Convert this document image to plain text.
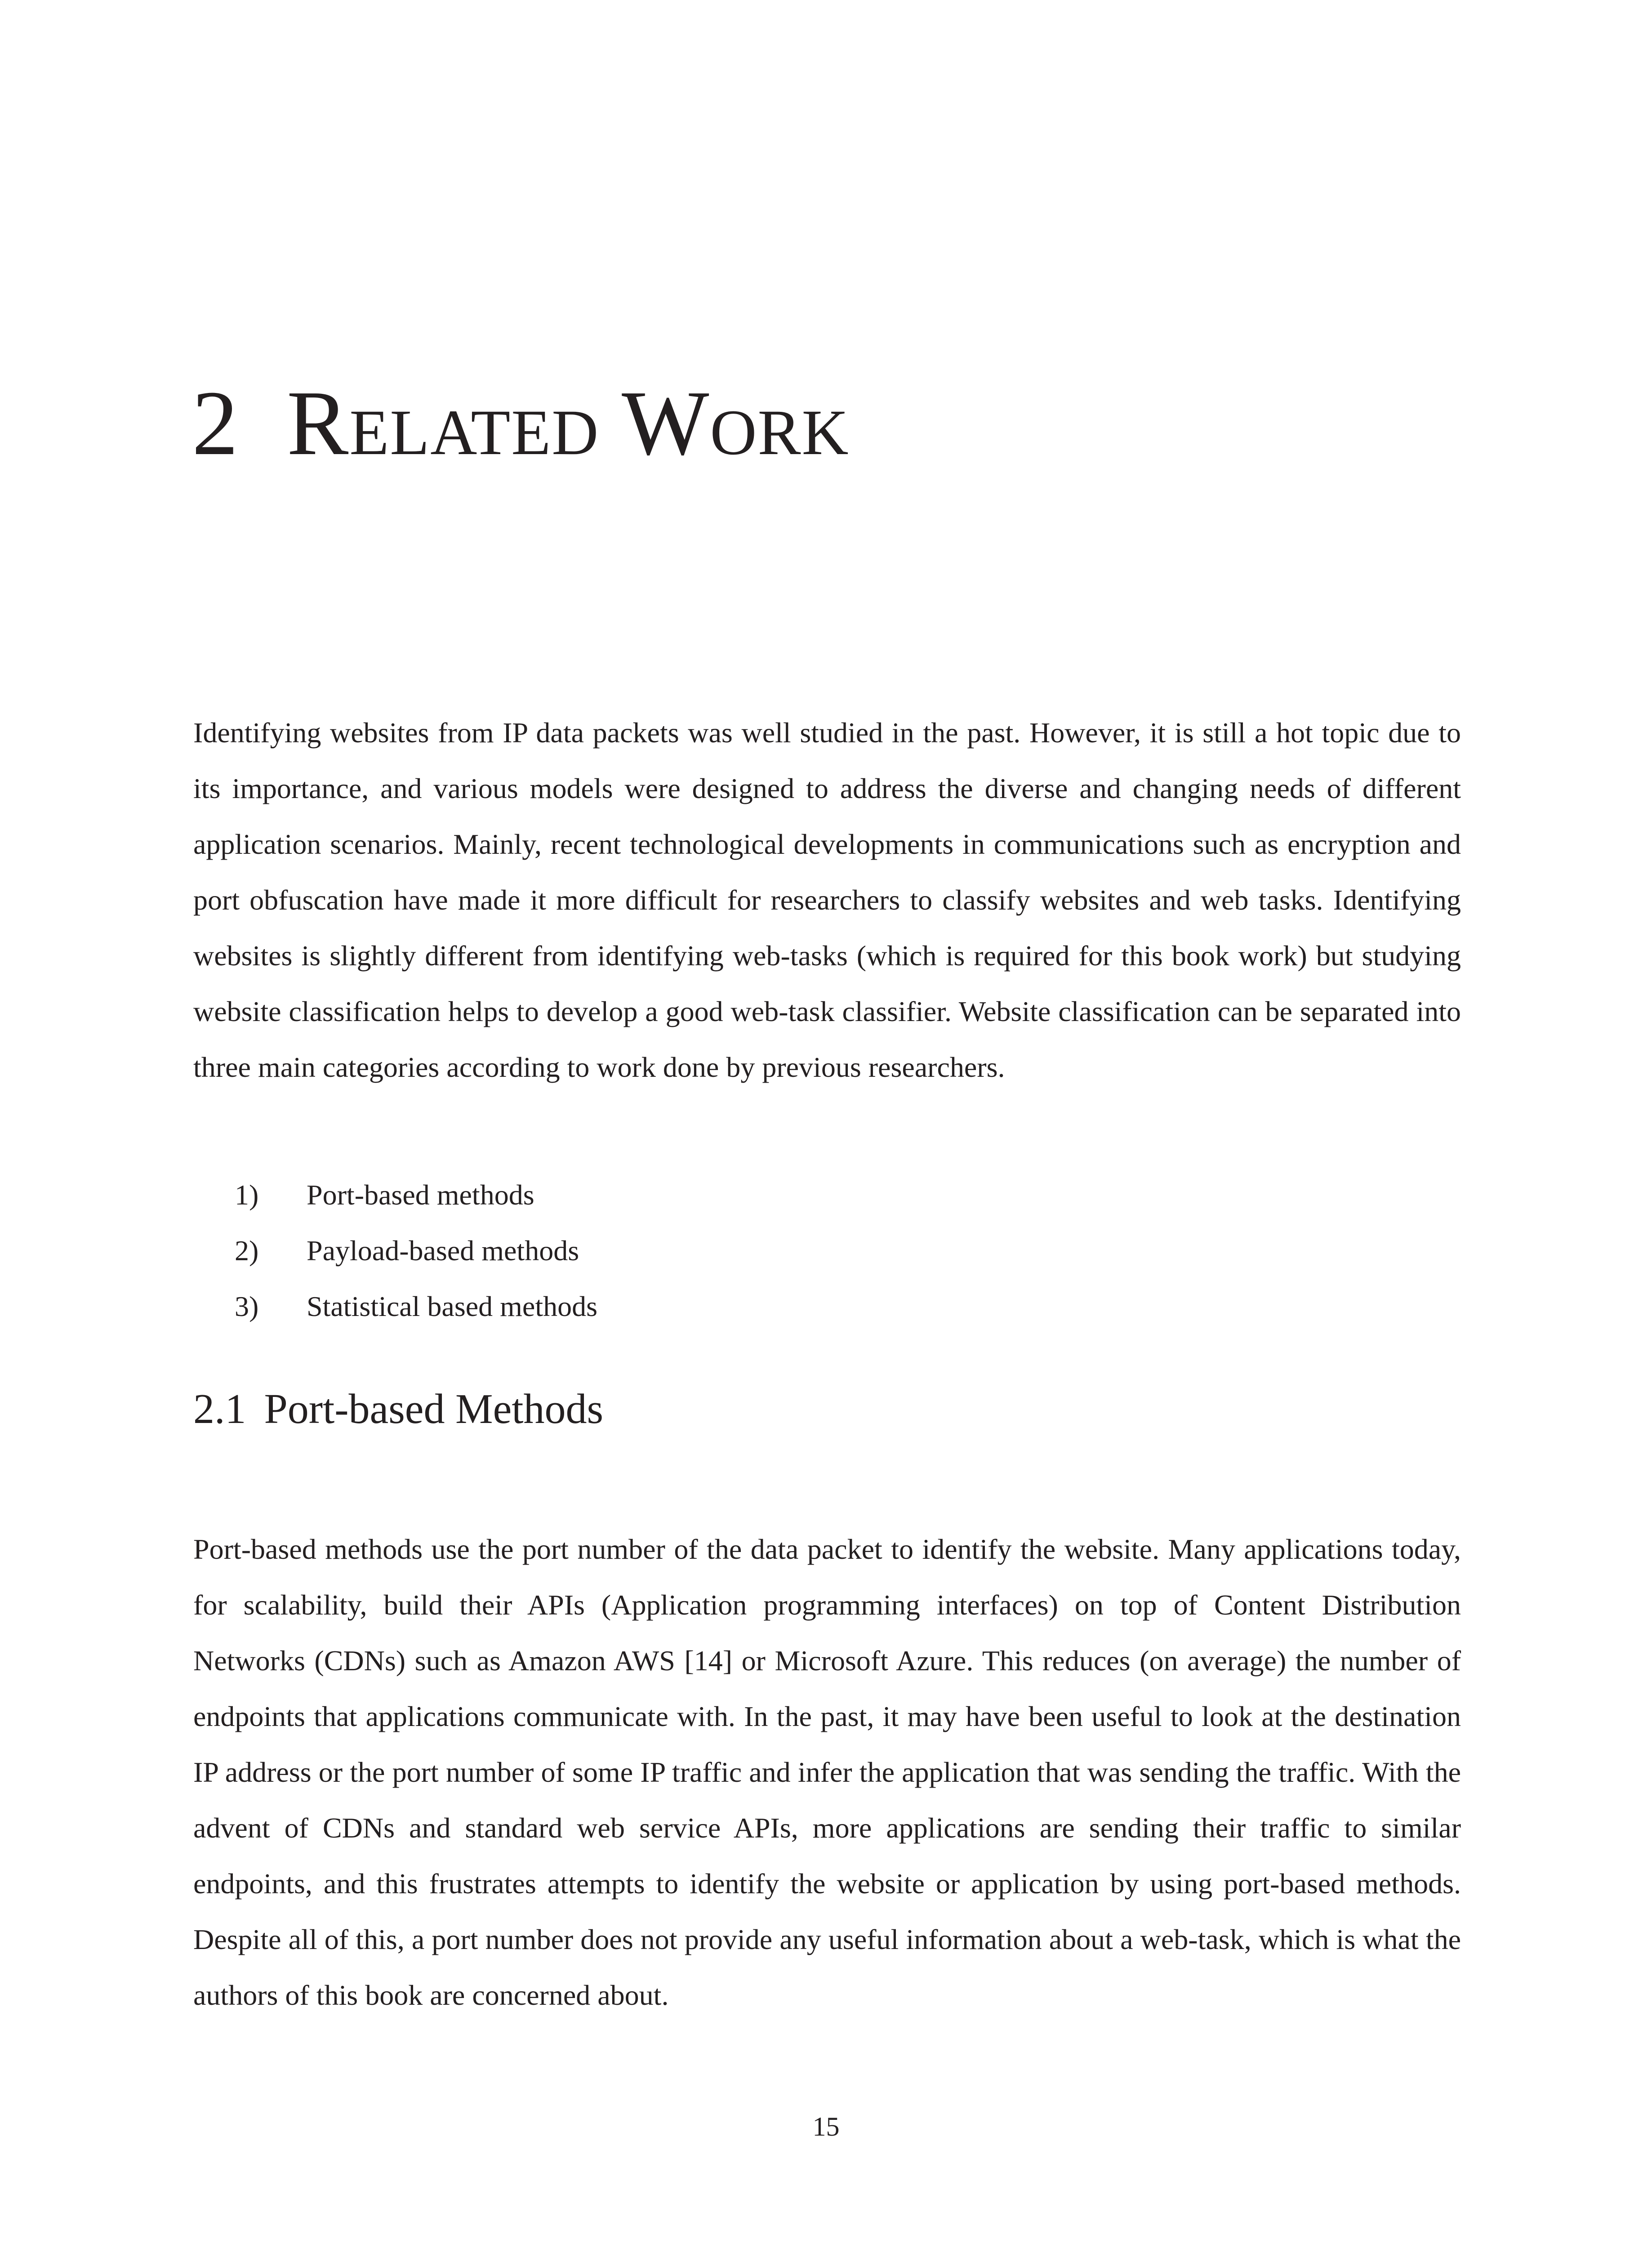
2 Related Work

Identifying websites from IP data packets was well studied in the past. However, it is still a hot topic due to its importance, and various models were designed to address the diverse and changing needs of different application scenarios. Mainly, recent technological developments in communications such as encryption and port obfuscation have made it more difficult for researchers to classify websites and web tasks. Identifying websites is slightly different from identifying web-tasks (which is required for this book work) but studying website classification helps to develop a good web-task classifier. Website classification can be separated into three main categories according to work done by previous researchers.

1)	Port-based methods
2)	Payload-based methods
3)	Statistical based methods
2.1 Port-based Methods

Port-based methods use the port number of the data packet to identify the website. Many applications today, for scalability, build their APIs (Application programming interfaces) on top of Content Distribution Networks (CDNs) such as Amazon AWS [14] or Microsoft Azure. This reduces (on average) the number of endpoints that applications communicate with. In the past, it may have been useful to look at the destination IP address or the port number of some IP traffic and infer the application that was sending the traffic. With the advent of CDNs and standard web service APIs, more applications are sending their traffic to similar endpoints, and this frustrates attempts to identify the website or application by using port-based methods. Despite all of this, a port number does not provide any useful information about a web-task, which is what the authors of this book are concerned about.

15
